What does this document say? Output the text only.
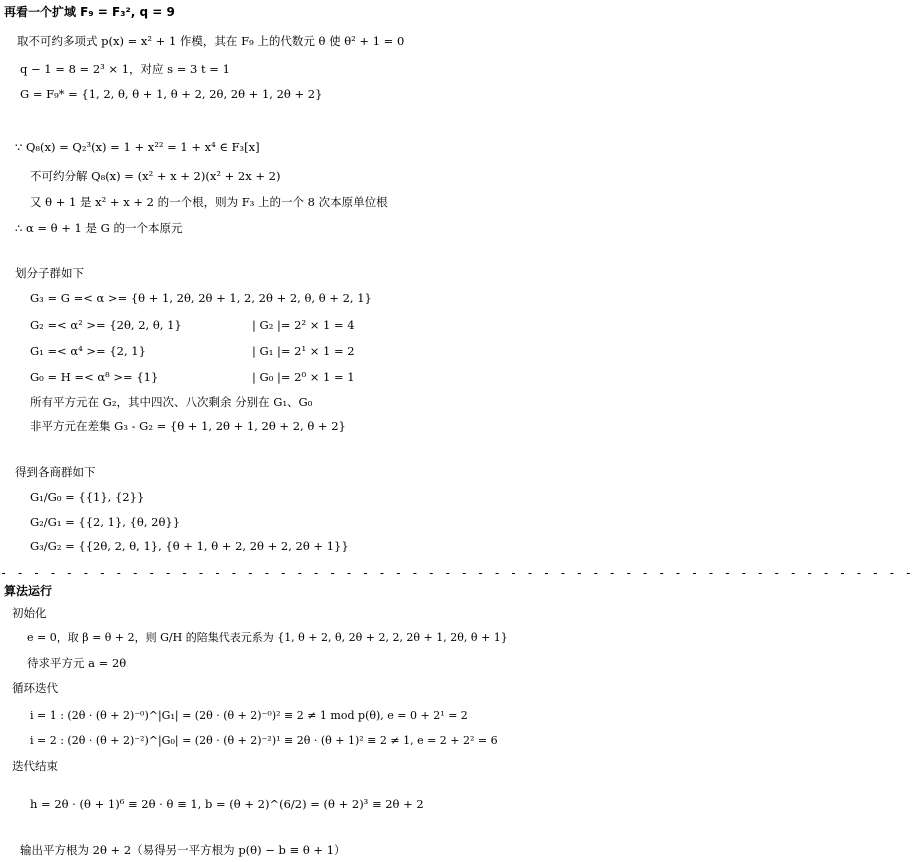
再看一个扩域 F₉ = F₃², q = 9
取不可约多项式 p(x) = x² + 1 作模，其在 F₉ 上的代数元 θ 使 θ² + 1 = 0
q − 1 = 8 = 2³ × 1，对应 s = 3 t = 1
G = F₉* = {1, 2, θ, θ + 1, θ + 2, 2θ, 2θ + 1, 2θ + 2}
∵ Q₈(x) = Q₂³(x) = 1 + x²² = 1 + x⁴ ∈ F₃[x]
不可约分解 Q₈(x) = (x² + x + 2)(x² + 2x + 2)
又 θ + 1 是 x² + x + 2 的一个根，则为 F₃ 上的一个 8 次本原单位根
∴ α = θ + 1 是 G 的一个本原元
划分子群如下
G₃ = G =< α >= {θ + 1, 2θ, 2θ + 1, 2, 2θ + 2, θ, θ + 2, 1}
G₂ =< α² >= {2θ, 2, θ, 1}	| G₂ |= 2² × 1 = 4
G₁ =< α⁴ >= {2, 1}	| G₁ |= 2¹ × 1 = 2
G₀ = H =< α⁸ >= {1}	| G₀ |= 2⁰ × 1 = 1
所有平方元在 G₂，其中四次、八次剩余 分别在 G₁、G₀
非平方元在差集 G₃ - G₂ = {θ + 1, 2θ + 1, 2θ + 2, θ + 2}
得到各商群如下
G₁/G₀ = {{1}, {2}}
G₂/G₁ = {{2, 1}, {θ, 2θ}}
G₃/G₂ = {{2θ, 2, θ, 1}, {θ + 1, θ + 2, 2θ + 2, 2θ + 1}}
- - - - - - - - - - - - - - - - - - - - - - - - - - - - - - - - - - - - - - - - - - - - - - - - - - - - - - - -
算法运行
初始化
e = 0，取 β = θ + 2，则 G/H 的陪集代表元系为 {1, θ + 2, θ, 2θ + 2, 2, 2θ + 1, 2θ, θ + 1}
待求平方元 a = 2θ
循环迭代
i = 1 : (2θ · (θ + 2)⁻⁰)^|G₁| = (2θ · (θ + 2)⁻⁰)² ≡ 2 ≠ 1 mod p(θ), e = 0 + 2¹ = 2
i = 2 : (2θ · (θ + 2)⁻²)^|G₀| = (2θ · (θ + 2)⁻²)¹ ≡ 2θ · (θ + 1)² ≡ 2 ≠ 1, e = 2 + 2² = 6
迭代结束
h = 2θ · (θ + 1)⁶ ≡ 2θ · θ ≡ 1, b = (θ + 2)^(6/2) = (θ + 2)³ ≡ 2θ + 2
输出平方根为 2θ + 2（易得另一平方根为 p(θ) − b ≡ θ + 1）
